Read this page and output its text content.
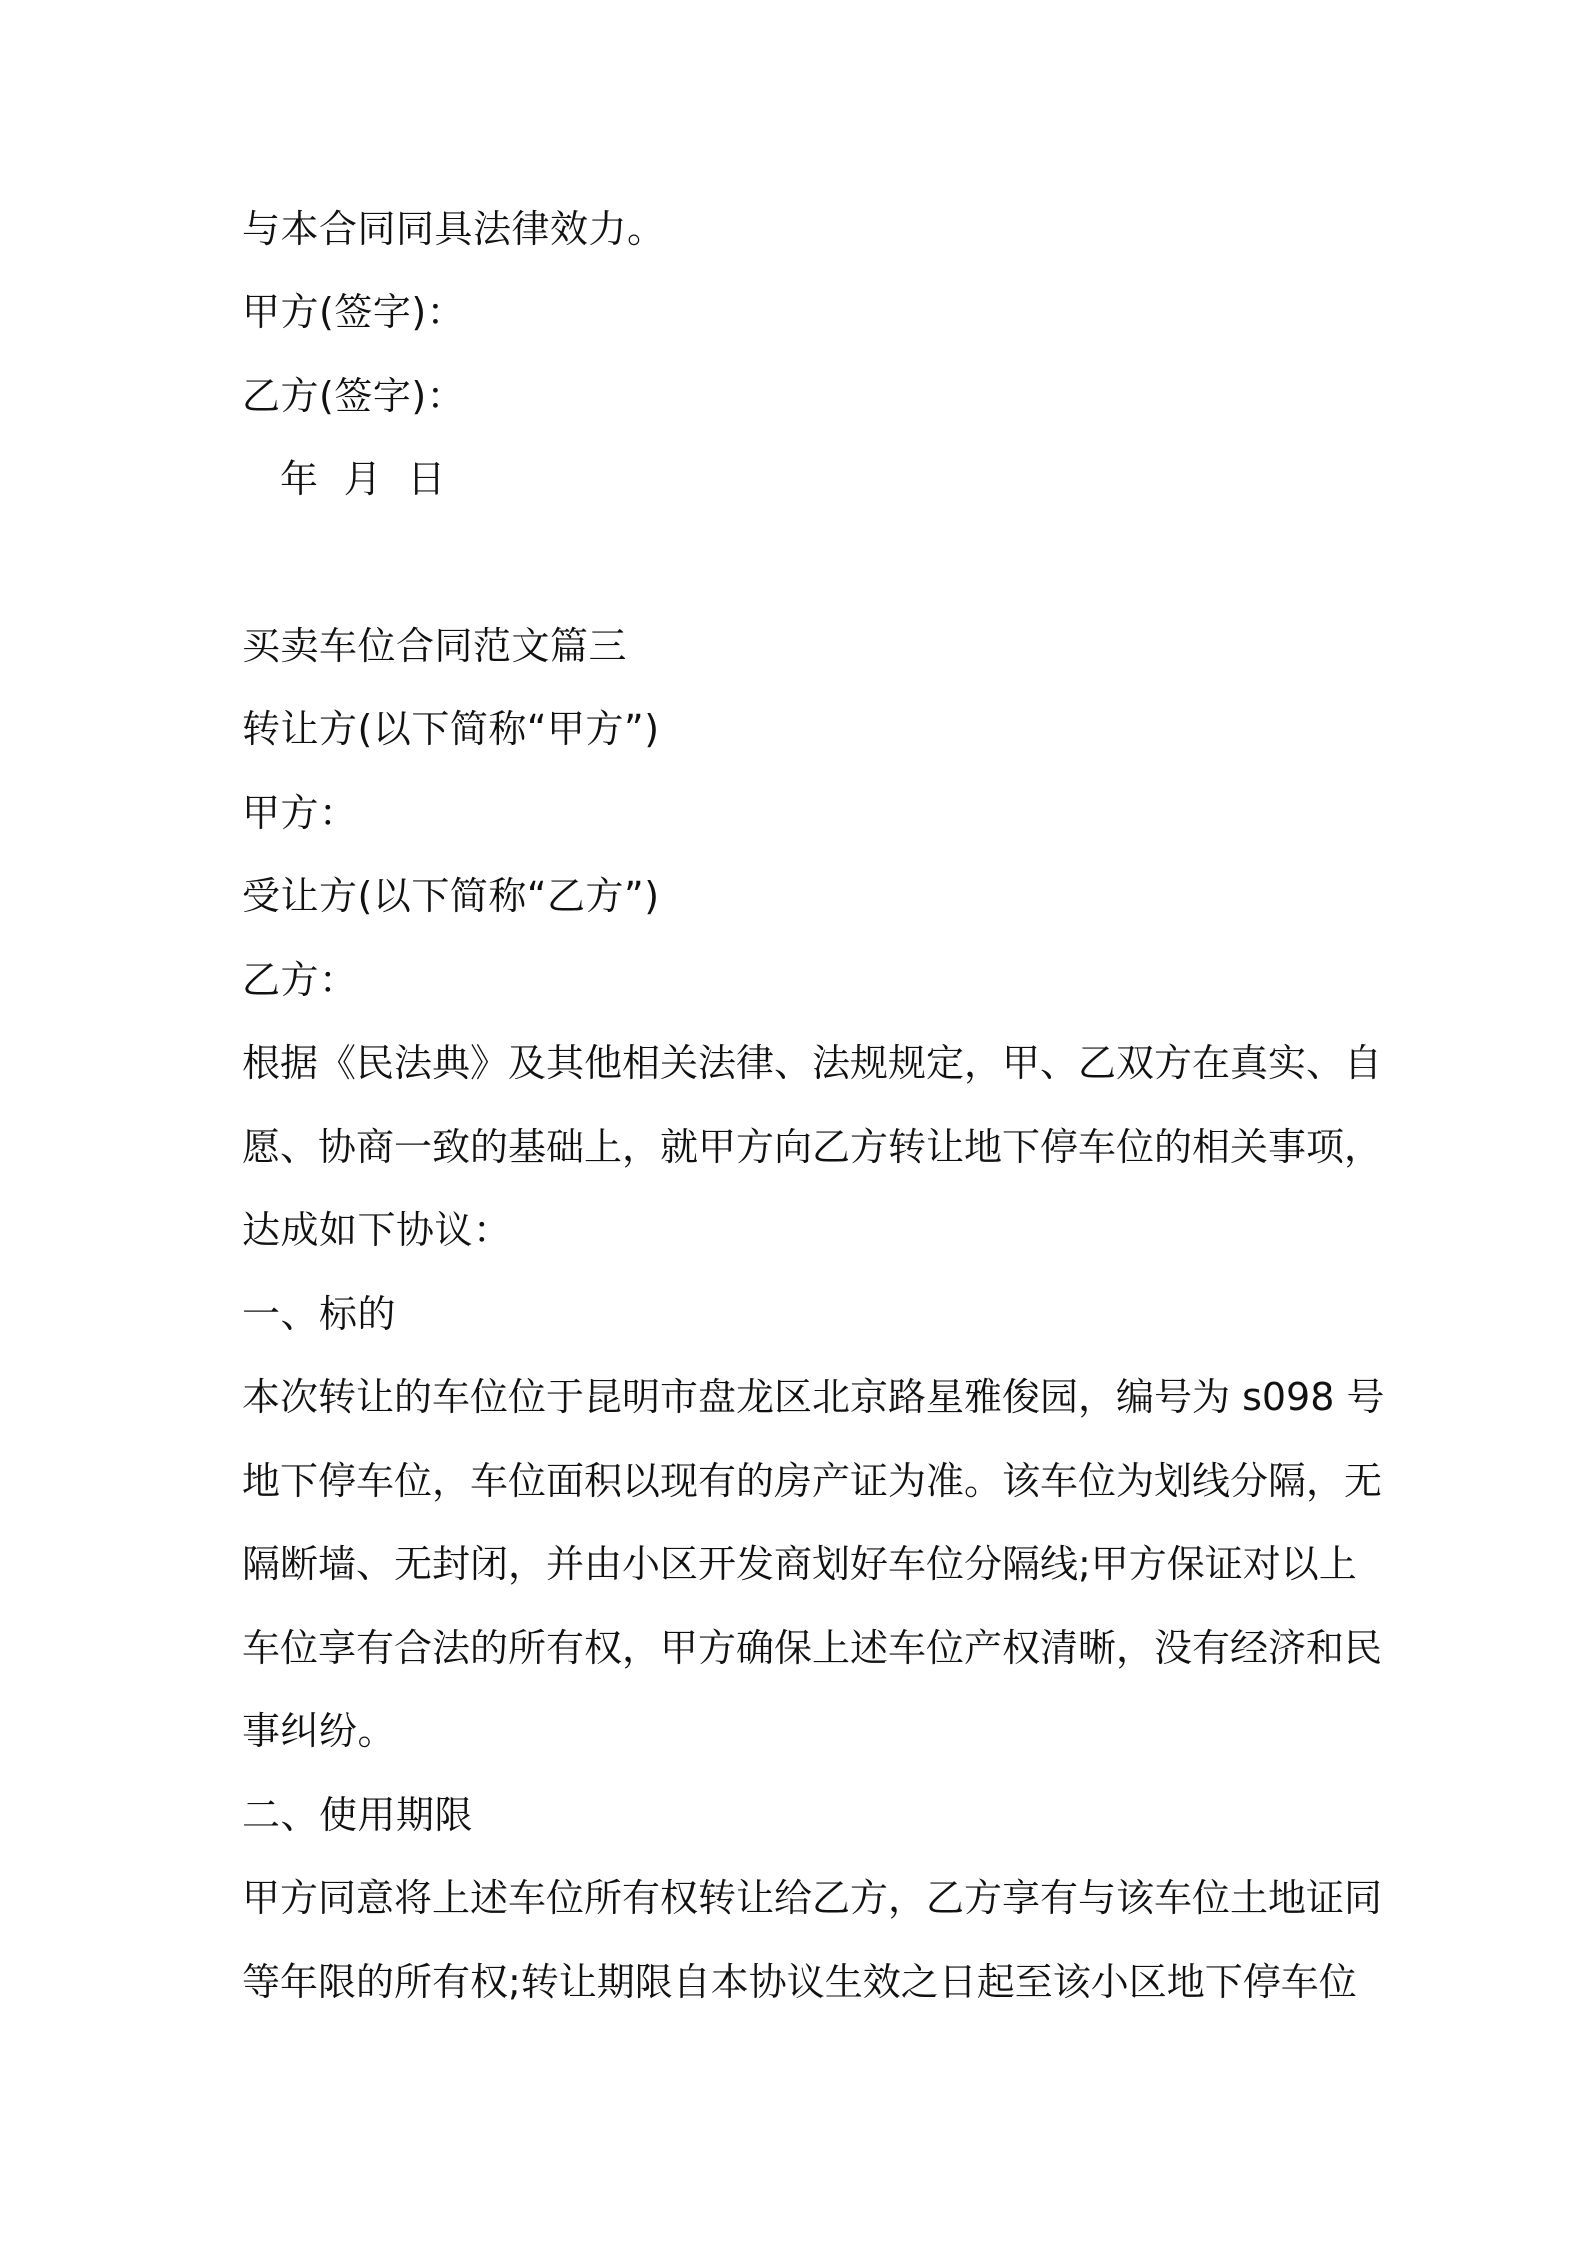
与本合同同具法律效力。
甲方(签字)：
乙方(签字)：
年  月  日
买卖车位合同范文篇三
转让方(以下简称“甲方”)
甲方：
受让方(以下简称“乙方”)
乙方：
根据《民法典》及其他相关法律、法规规定，甲、乙双方在真实、自
愿、协商一致的基础上，就甲方向乙方转让地下停车位的相关事项，
达成如下协议：
一、标的
本次转让的车位位于昆明市盘龙区北京路星雅俊园，编号为 s098 号
地下停车位，车位面积以现有的房产证为准。该车位为划线分隔，无
隔断墙、无封闭，并由小区开发商划好车位分隔线;甲方保证对以上
车位享有合法的所有权，甲方确保上述车位产权清晰，没有经济和民
事纠纷。
二、使用期限
甲方同意将上述车位所有权转让给乙方，乙方享有与该车位土地证同
等年限的所有权;转让期限自本协议生效之日起至该小区地下停车位
